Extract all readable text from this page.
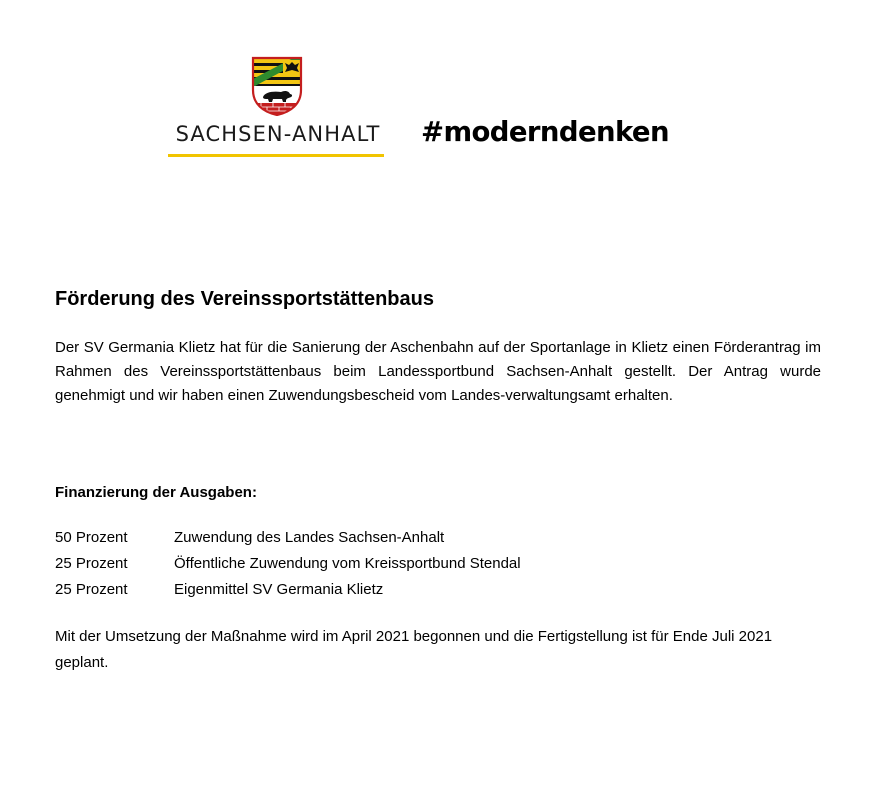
SACHSEN-ANHALT #moderndenken
Förderung des Vereinssportstättenbaus

Der SV Germania Klietz hat für die Sanierung der Aschenbahn auf der Sportanlage in Klietz einen Förderantrag im Rahmen des Vereinssportstättenbaus beim Landessportbund Sachsen-Anhalt gestellt. Der Antrag wurde genehmigt und wir haben einen Zuwendungsbescheid vom Landes-verwaltungsamt erhalten.

Finanzierung der Ausgaben:

50 Prozent	Zuwendung des Landes Sachsen-Anhalt
25 Prozent	Öffentliche Zuwendung vom Kreissportbund Stendal
25 Prozent	Eigenmittel SV Germania Klietz

Mit der Umsetzung der Maßnahme wird im April 2021 begonnen und die Fertigstellung ist für Ende Juli 2021 geplant.
